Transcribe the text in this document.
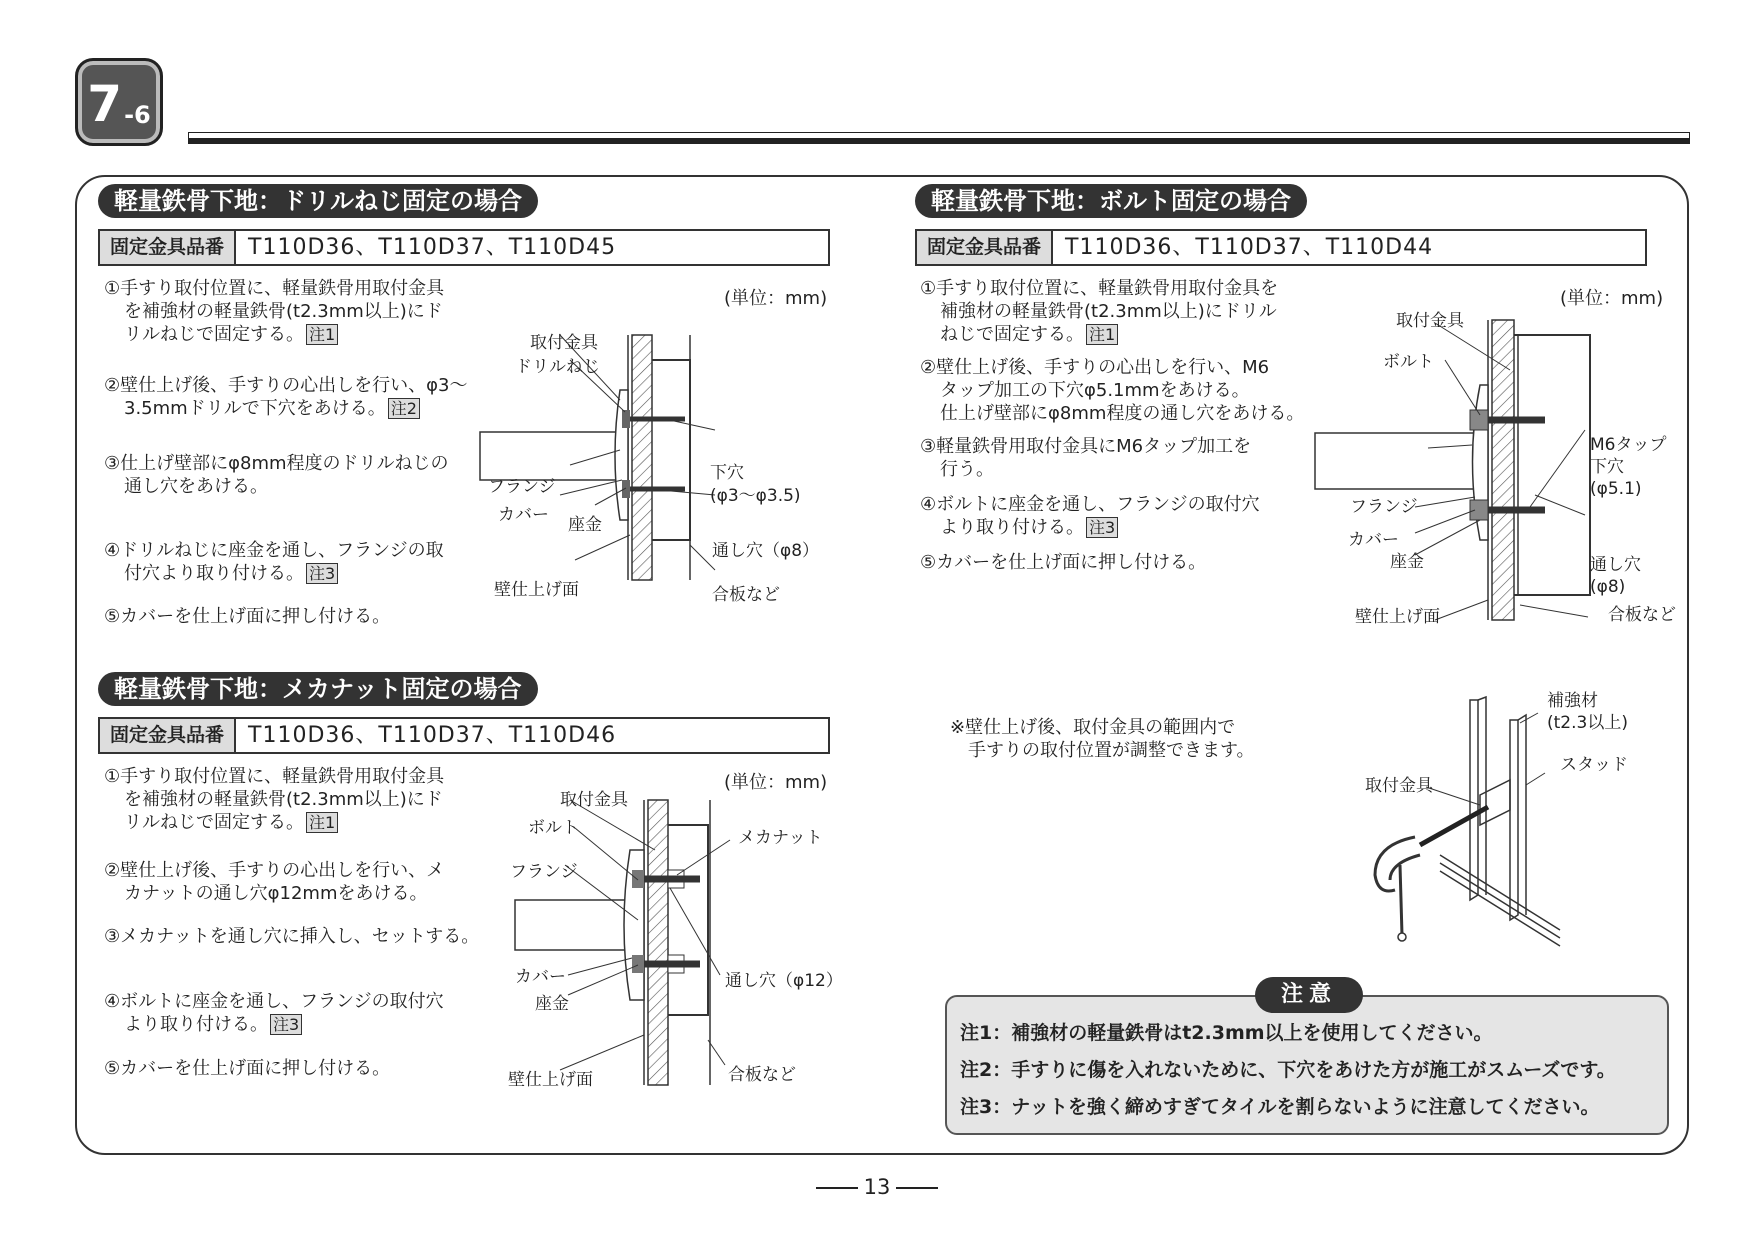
7 -6
軽量鉄骨下地：ドリルねじ固定の場合
固定金具品番	T110D36、T110D37、T110D45
①手すり取付位置に、軽量鉄骨用取付金具
を補強材の軽量鉄骨(t2.3mm以上)にド
リルねじで固定する。 注1
②壁仕上げ後、手すりの心出しを行い、φ3～
3.5mmドリルで下穴をあける。 注2
③仕上げ壁部にφ8mm程度のドリルねじの
通し穴をあける。
④ドリルねじに座金を通し、フランジの取
付穴より取り付ける。 注3
⑤カバーを仕上げ面に押し付ける。
(単位：mm)
取付金具
ドリルねじ
フランジ
カバー 座金
下穴
(φ3～φ3.5)
通し穴（φ8）
壁仕上げ面	合板など
軽量鉄骨下地：ボルト固定の場合
固定金具品番	T110D36、T110D37、T110D44
①手すり取付位置に、軽量鉄骨用取付金具を
補強材の軽量鉄骨(t2.3mm以上)にドリル
ねじで固定する。 注1
②壁仕上げ後、手すりの心出しを行い、M6
タップ加工の下穴φ5.1mmをあける。
仕上げ壁部にφ8mm程度の通し穴をあける。
③軽量鉄骨用取付金具にM6タップ加工を
行う。
④ボルトに座金を通し、フランジの取付穴
より取り付ける。 注3
⑤カバーを仕上げ面に押し付ける。
(単位：mm)
取付金具
ボルト
M6タップ
下穴
(φ5.1)
フランジ
カバー
座金	通し穴
(φ8)
壁仕上げ面	合板など
軽量鉄骨下地：メカナット固定の場合
固定金具品番	T110D36、T110D37、T110D46
①手すり取付位置に、軽量鉄骨用取付金具
を補強材の軽量鉄骨(t2.3mm以上)にド
リルねじで固定する。 注1
②壁仕上げ後、手すりの心出しを行い、メ
カナットの通し穴φ12mmをあける。
③メカナットを通し穴に挿入し、セットする。
④ボルトに座金を通し、フランジの取付穴
より取り付ける。 注3
⑤カバーを仕上げ面に押し付ける。
(単位：mm)
取付金具
ボルト	メカナット
フランジ
カバー
座金
通し穴（φ12）
壁仕上げ面	合板など
※壁仕上げ後、取付金具の範囲内で
手すりの取付位置が調整できます。
補強材
(t2.3以上)
スタッド
取付金具
注意
注1：補強材の軽量鉄骨はt2.3mm以上を使用してください。
注2：手すりに傷を入れないために、下穴をあけた方が施工がスムーズです。
注3：ナットを強く締めすぎてタイルを割らないように注意してください。
13
